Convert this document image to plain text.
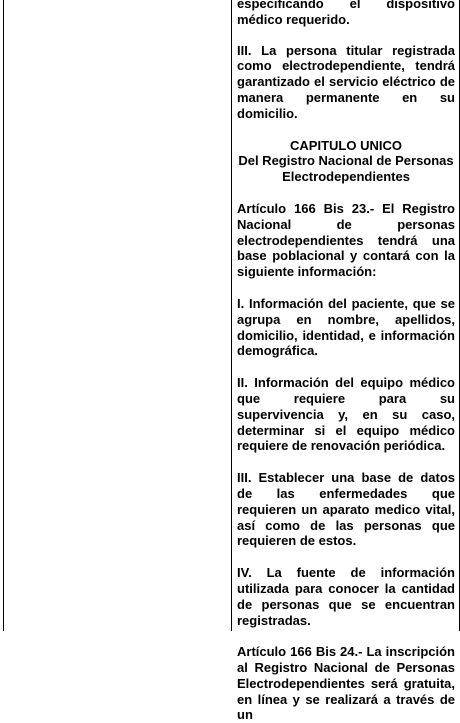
especificando el dispositivo médico requerido.

III. La persona titular registrada como electrodependiente, tendrá garantizado el servicio eléctrico de manera permanente en su domicilio.

CAPITULO UNICO

Del Registro Nacional de Personas Electrodependientes

Artículo 166 Bis 23.- El Registro Nacional de personas electrodependientes tendrá una base poblacional y contará con la siguiente información:

I. Información del paciente, que se agrupa en nombre, apellidos, domicilio, identidad, e información demográfica.

II. Información del equipo médico que requiere para su supervivencia y, en su caso, determinar si el equipo médico requiere de renovación periódica.

III. Establecer una base de datos de las enfermedades que requieren un aparato medico vital, así como de las personas que requieren de estos.

IV. La fuente de información utilizada para conocer la cantidad de personas que se encuentran registradas.

Artículo 166 Bis 24.- La inscripción al Registro Nacional de Personas Electrodependientes será gratuita, en línea y se realizará a través de un
